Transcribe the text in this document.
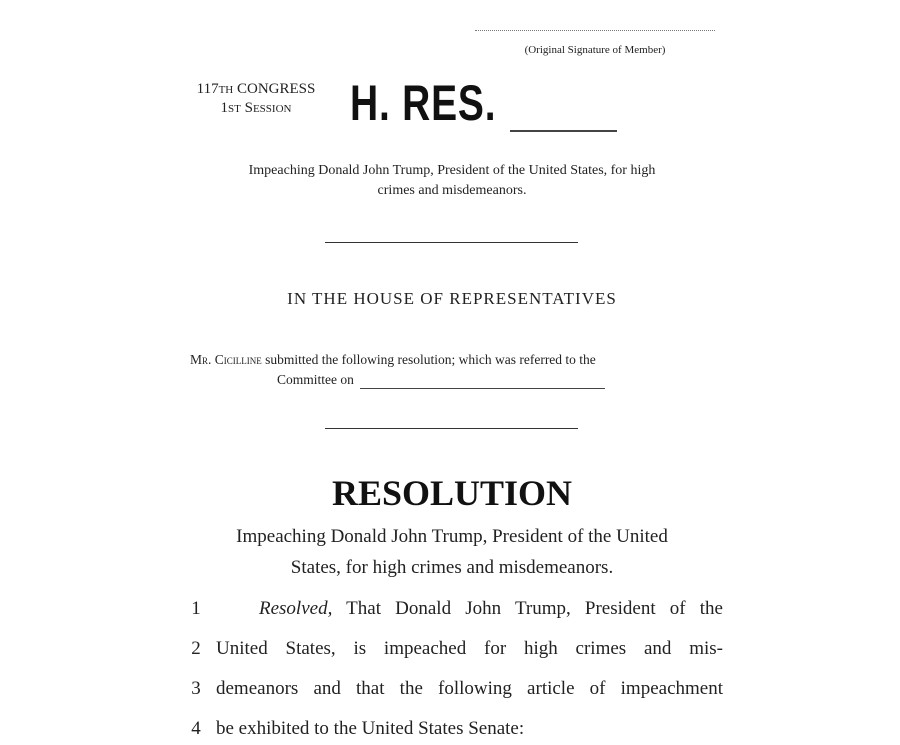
(Original Signature of Member)
117th CONGRESS
1st Session	H. RES.
Impeaching Donald John Trump, President of the United States, for high
crimes and misdemeanors.
IN THE HOUSE OF REPRESENTATIVES
Mr. Cicilline submitted the following resolution; which was referred to the
Committee on
RESOLUTION
Impeaching Donald John Trump, President of the United
States, for high crimes and misdemeanors.
1	Resolved, That Donald John Trump, President of the
2 United States, is impeached for high crimes and mis-
3 demeanors and that the following article of impeachment
4 be exhibited to the United States Senate:
